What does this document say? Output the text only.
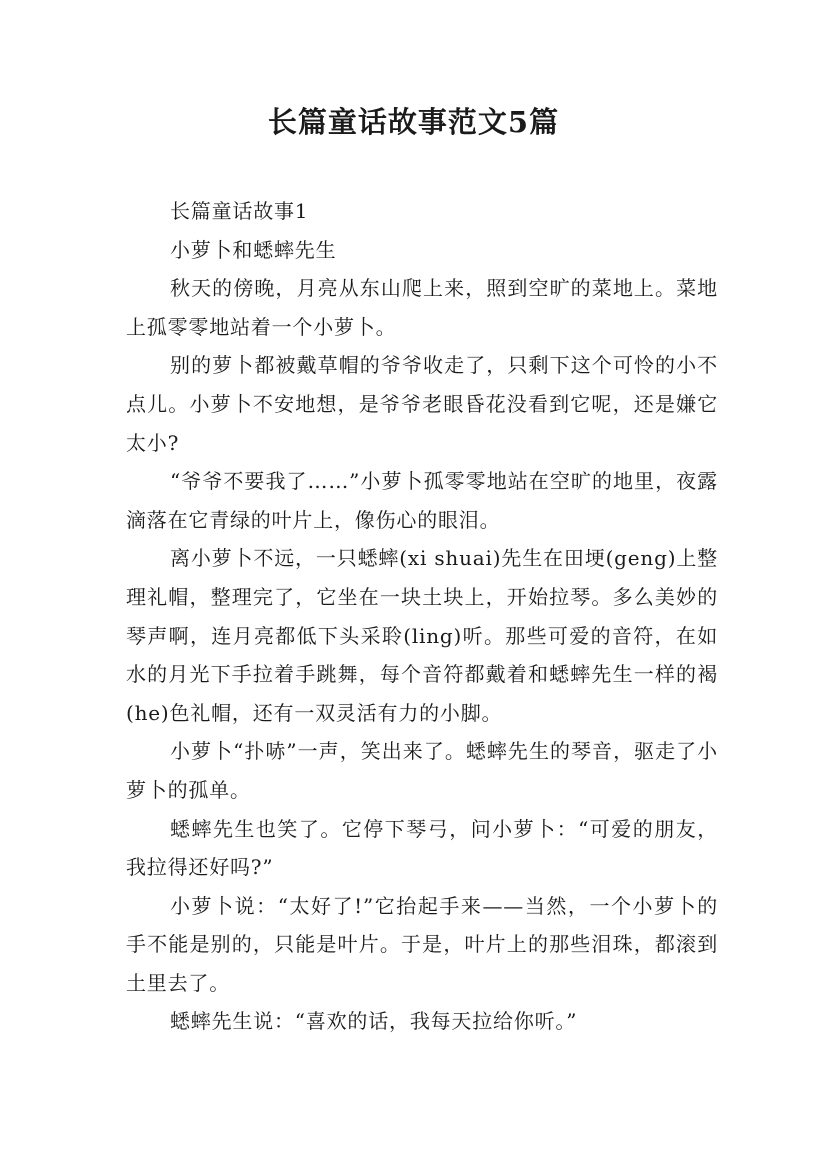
长篇童话故事范文5篇

长篇童话故事1

小萝卜和蟋蟀先生

秋天的傍晚，月亮从东山爬上来，照到空旷的菜地上。菜地上孤零零地站着一个小萝卜。

别的萝卜都被戴草帽的爷爷收走了，只剩下这个可怜的小不点儿。小萝卜不安地想，是爷爷老眼昏花没看到它呢，还是嫌它太小?

“爷爷不要我了……”小萝卜孤零零地站在空旷的地里，夜露滴落在它青绿的叶片上，像伤心的眼泪。

离小萝卜不远，一只蟋蟀(xi shuai)先生在田埂(geng)上整理礼帽，整理完了，它坐在一块土块上，开始拉琴。多么美妙的琴声啊，连月亮都低下头采聆(ling)听。那些可爱的音符，在如水的月光下手拉着手跳舞，每个音符都戴着和蟋蟀先生一样的褐(he)色礼帽，还有一双灵活有力的小脚。

小萝卜“扑哧”一声，笑出来了。蟋蟀先生的琴音，驱走了小萝卜的孤单。

蟋蟀先生也笑了。它停下琴弓，问小萝卜：“可爱的朋友，我拉得还好吗?”

小萝卜说：“太好了!”它抬起手来——当然，一个小萝卜的手不能是别的，只能是叶片。于是，叶片上的那些泪珠，都滚到土里去了。

蟋蟀先生说：“喜欢的话，我每天拉给你听。”
